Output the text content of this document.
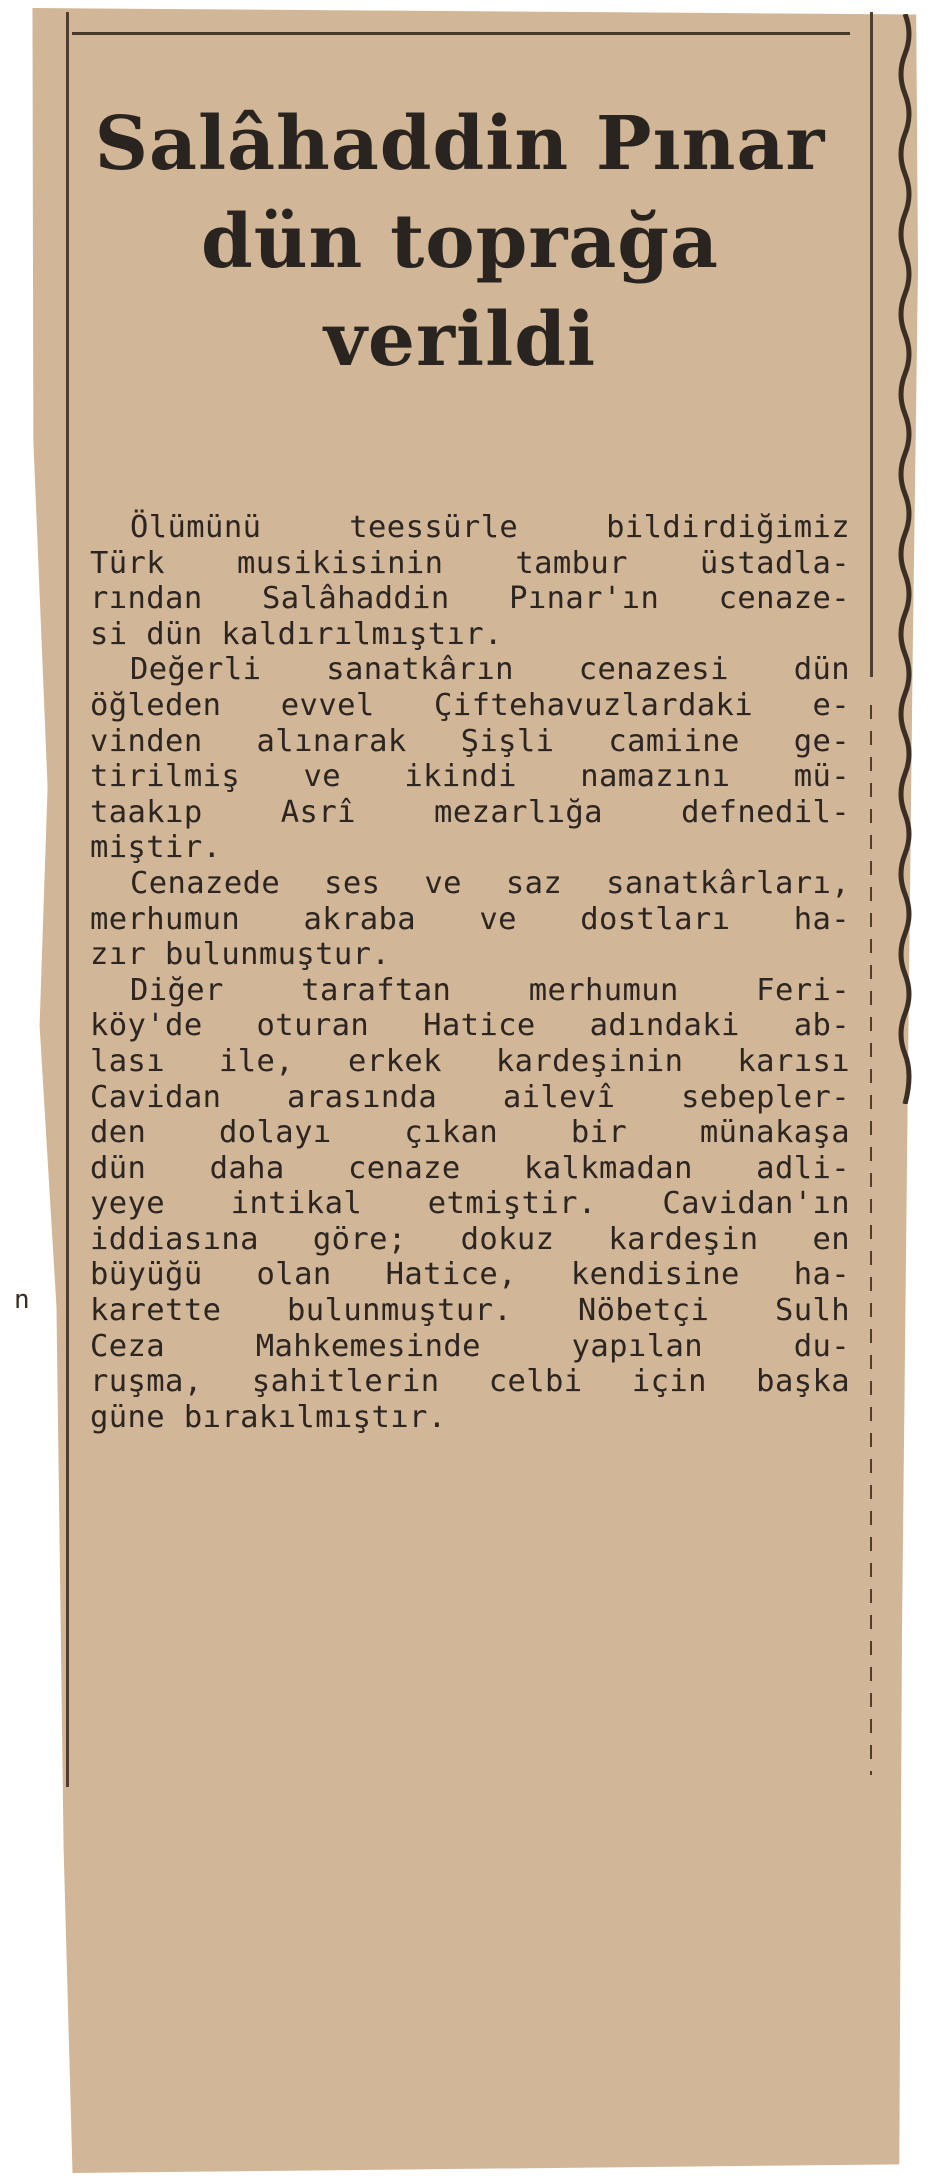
n
Salâhaddin Pınar
dün toprağa
verildi
Ölümünü teessürle bildirdiğimiz
Türk musikisinin tambur üstadla-
rından Salâhaddin Pınar'ın cenaze-
si dün kaldırılmıştır.
Değerli sanatkârın cenazesi dün
öğleden evvel Çiftehavuzlardaki e-
vinden alınarak Şişli camiine ge-
tirilmiş ve ikindi namazını mü-
taakıp Asrî mezarlığa defnedil-
miştir.
Cenazede ses ve saz sanatkârları,
merhumun akraba ve dostları ha-
zır bulunmuştur.
Diğer taraftan merhumun Feri-
köy'de oturan Hatice adındaki ab-
lası ile, erkek kardeşinin karısı
Cavidan arasında ailevî sebepler-
den dolayı çıkan bir münakaşa
dün daha cenaze kalkmadan adli-
yeye intikal etmiştir. Cavidan'ın
iddiasına göre; dokuz kardeşin en
büyüğü olan Hatice, kendisine ha-
karette bulunmuştur. Nöbetçi Sulh
Ceza Mahkemesinde yapılan du-
ruşma, şahitlerin celbi için başka
güne bırakılmıştır.
